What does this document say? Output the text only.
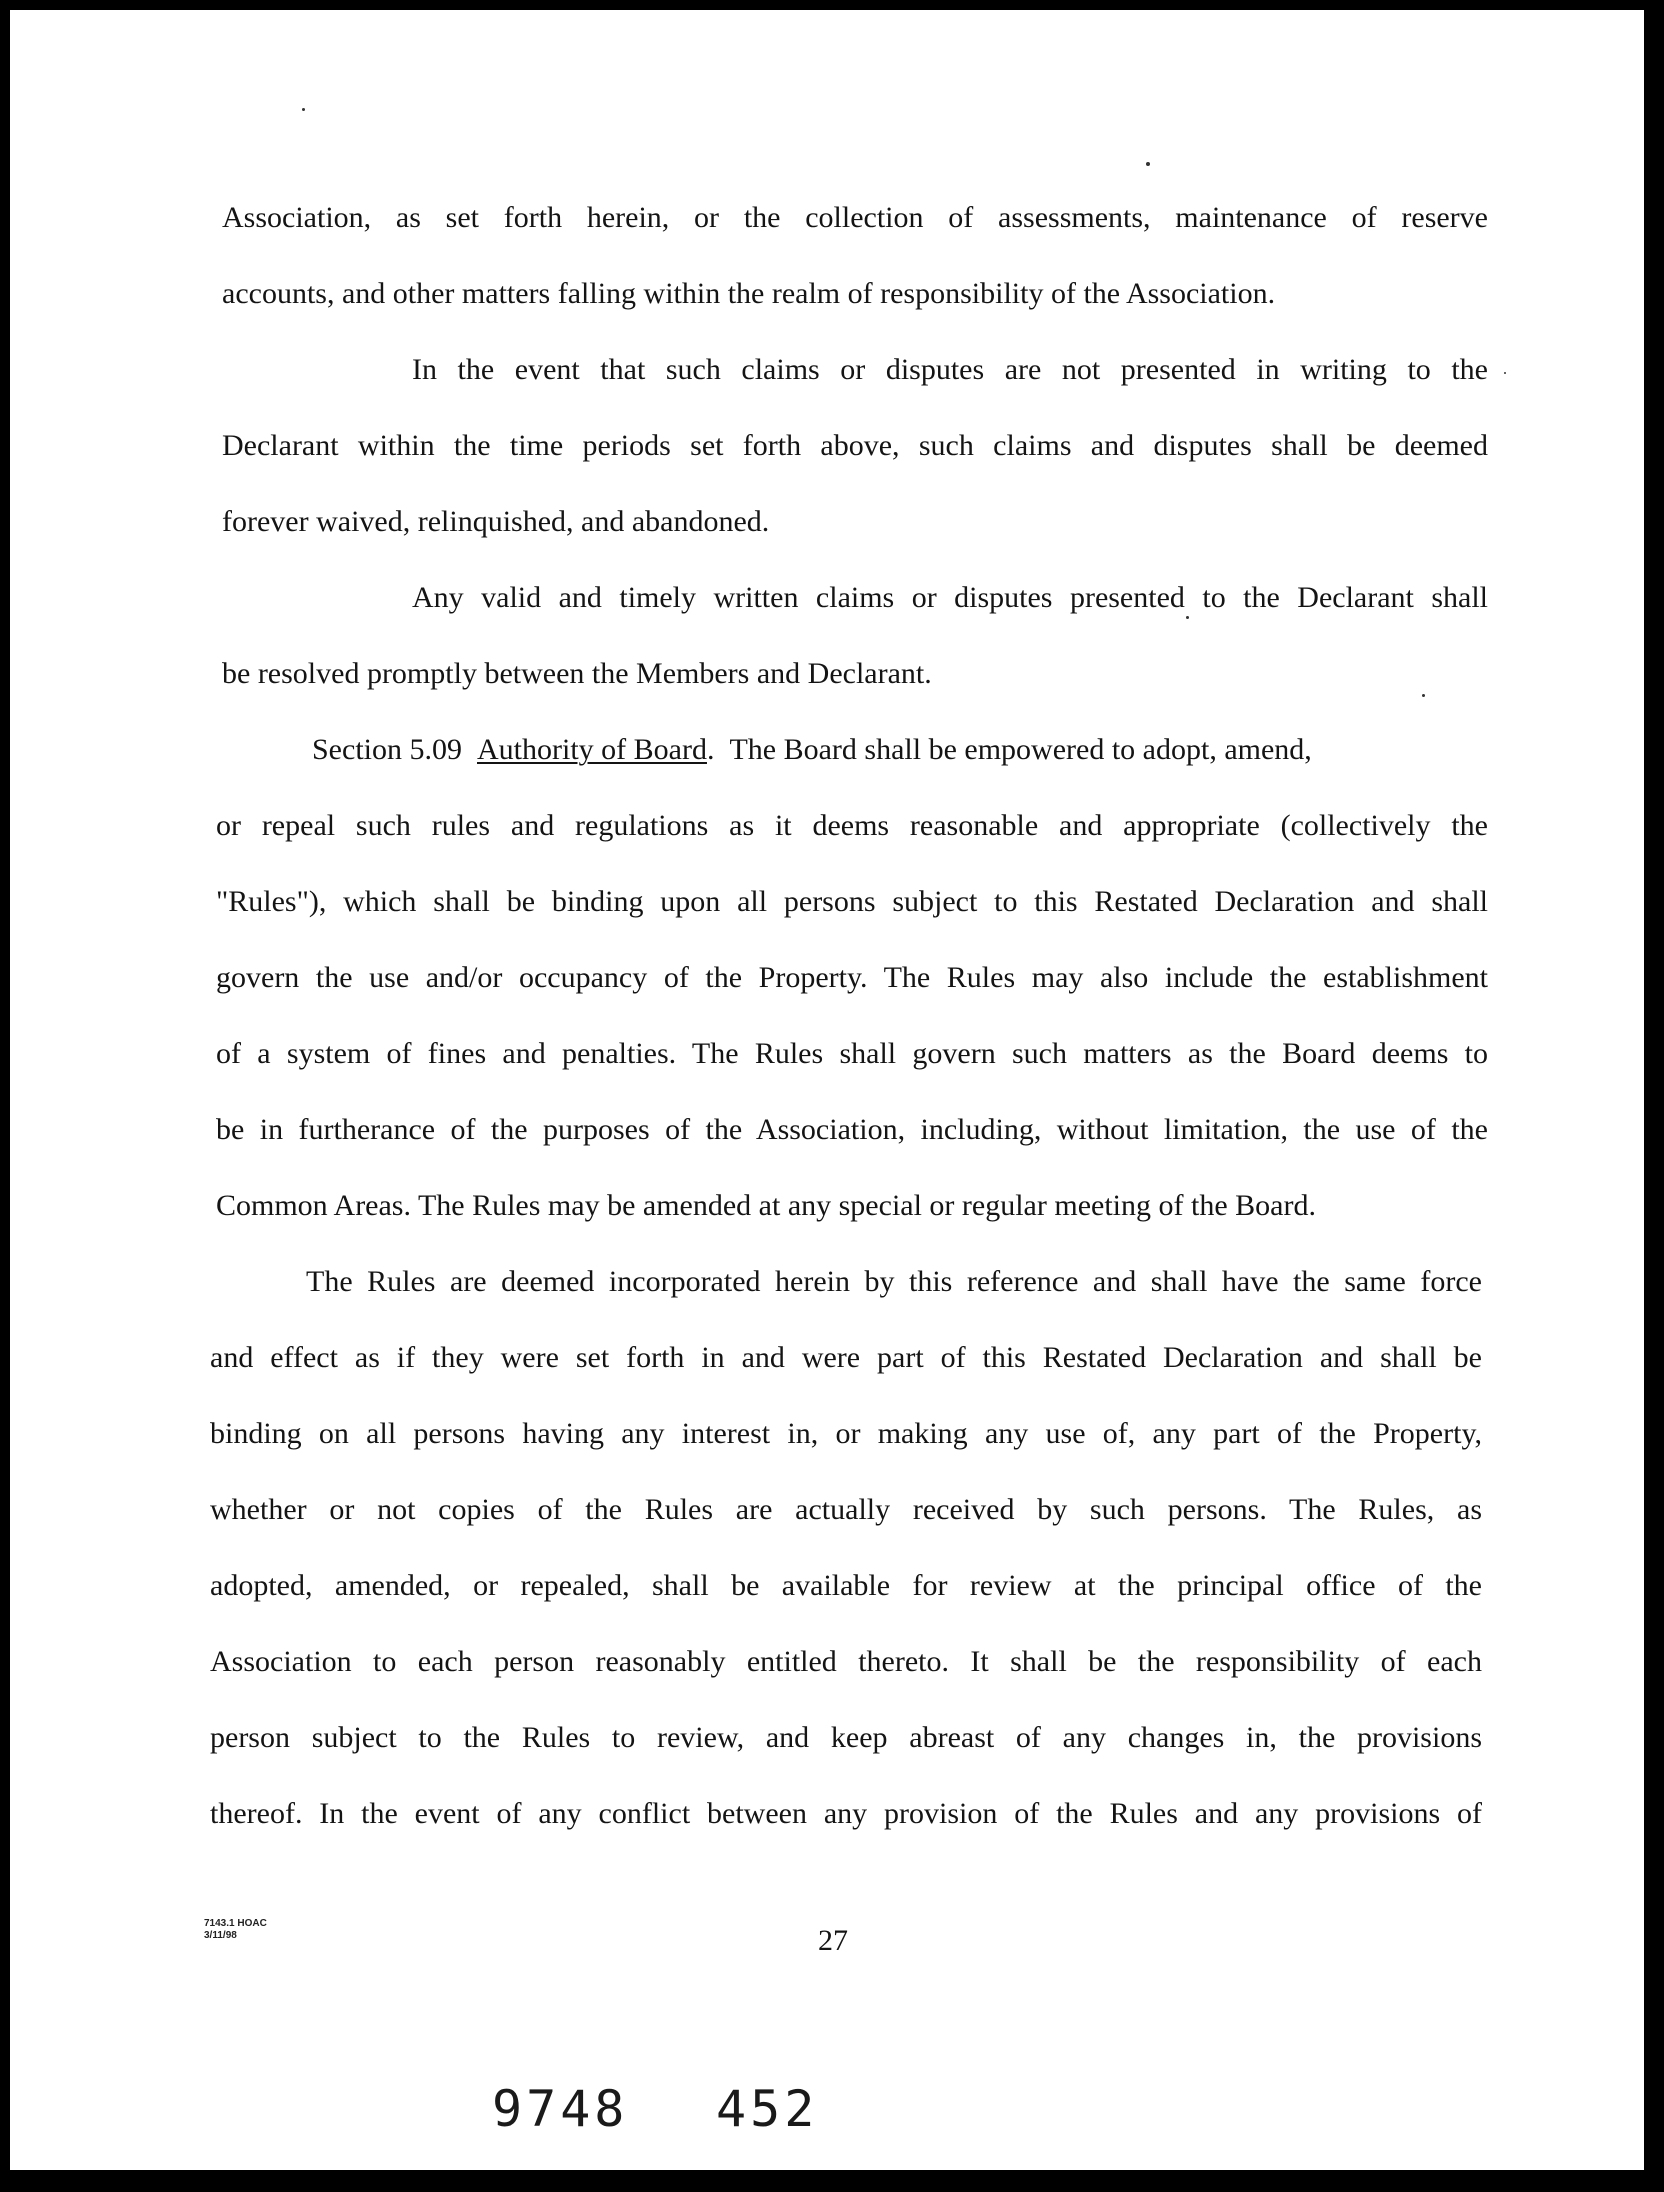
Association, as set forth herein, or the collection of assessments, maintenance of reserve

accounts, and other matters falling within the realm of responsibility of the Association.

In the event that such claims or disputes are not presented in writing to the

Declarant within the time periods set forth above, such claims and disputes shall be deemed

forever waived, relinquished, and abandoned.

Any valid and timely written claims or disputes presented to the Declarant shall

be resolved promptly between the Members and Declarant.

Section 5.09 Authority of Board. The Board shall be empowered to adopt, amend,

or repeal such rules and regulations as it deems reasonable and appropriate (collectively the

"Rules"), which shall be binding upon all persons subject to this Restated Declaration and shall

govern the use and/or occupancy of the Property. The Rules may also include the establishment

of a system of fines and penalties. The Rules shall govern such matters as the Board deems to

be in furtherance of the purposes of the Association, including, without limitation, the use of the

Common Areas. The Rules may be amended at any special or regular meeting of the Board.

The Rules are deemed incorporated herein by this reference and shall have the same force

and effect as if they were set forth in and were part of this Restated Declaration and shall be

binding on all persons having any interest in, or making any use of, any part of the Property,

whether or not copies of the Rules are actually received by such persons. The Rules, as

adopted, amended, or repealed, shall be available for review at the principal office of the

Association to each person reasonably entitled thereto. It shall be the responsibility of each

person subject to the Rules to review, and keep abreast of any changes in, the provisions

thereof. In the event of any conflict between any provision of the Rules and any provisions of

7143.1 HOAC
3/11/98	27
9748 452
